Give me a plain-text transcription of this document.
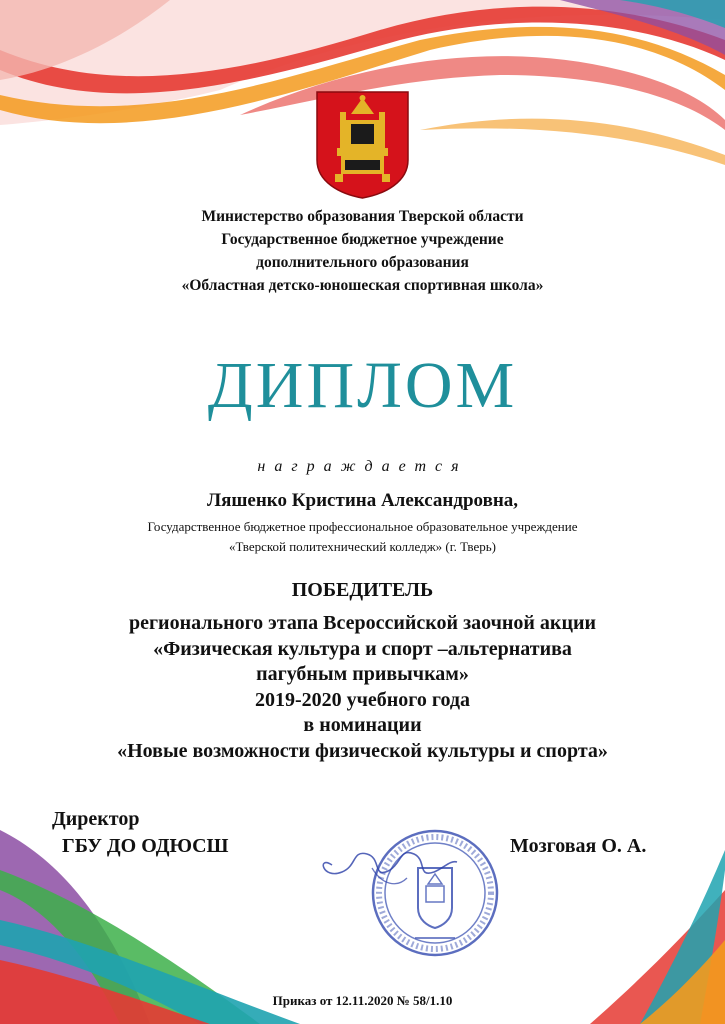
Министерство образования Тверской области
Государственное бюджетное учреждение
дополнительного образования
«Областная детско-юношеская спортивная школа»
ДИПЛОМ
награждается
Ляшенко Кристина Александровна,
Государственное бюджетное профессиональное образовательное учреждение
«Тверской политехнический колледж» (г. Тверь)
ПОБЕДИТЕЛЬ
регионального этапа Всероссийской заочной акции
«Физическая культура и спорт –альтернатива
пагубным привычкам»
2019-2020 учебного года
в номинации
«Новые возможности физической культуры и спорта»
Директор
ГБУ ДО ОДЮСШ	Мозговая О. А.
Приказ от 12.11.2020 № 58/1.10
